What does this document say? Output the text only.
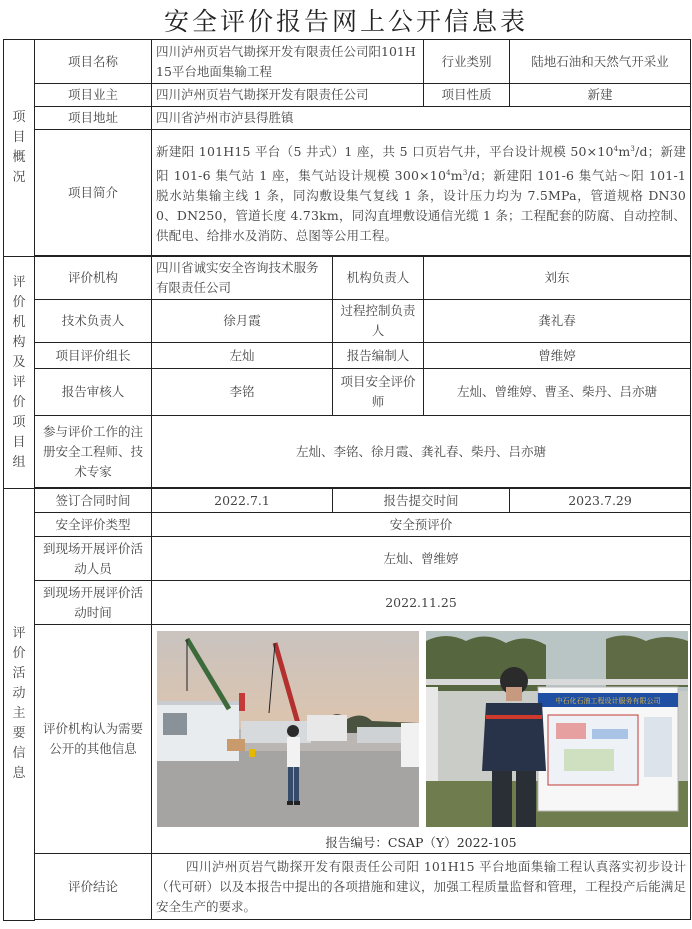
安全评价报告网上公开信息表
项目概况	项目名称	四川泸州页岩气勘探开发有限责任公司阳101H15平台地面集输工程		行业类别	陆地石油和天然气开采业
	项目业主	四川泸州页岩气勘探开发有限责任公司		项目性质	新建
	项目地址	四川省泸州市泸县得胜镇			
	项目简介	新建阳 101H15 平台（5 井式）1 座，共 5 口页岩气井，平台设计规模 $50\times 10^4m^3/d$；新建阳 101-6 集气站 1 座，集气站设计规模 $300\times 10^4m^3/d$；新建阳 101-6 集气站～阳 101-1 脱水站集输主线 1 条，同沟敷设集气复线 1 条，设计压力均为 7.5MPa，管道规格 DN300、DN250，管道长度 4.73km，同沟直埋敷设通信光缆 1 条；工程配套的防腐、自动控制、供配电、给排水及消防、总图等公用工程。			

评价机构及评价项目组	评价机构	四川省诚实安全咨询技术服务有限责任公司	机构负责人	刘东	
	技术负责人	徐月霞	过程控制负责人	龚礼春	
	项目评价组长	左灿	报告编制人	曾维婷	
	报告审核人	李铭	项目安全评价师	左灿、曾维婷、曹圣、柴丹、吕亦瑭	
	参与评价工作的注册安全工程师、技术专家	左灿、李铭、徐月霞、龚礼春、柴丹、吕亦瑭			

评价活动主要信息	签订合同时间	2022.7.1	报告提交时间		2023.7.29
	安全评价类型	安全预评价			
	到现场开展评价活动人员	左灿、曾维婷			
	到现场开展评价活动时间	2022.11.25			
	评价机构认为需要公开的其他信息	中石化石油工程设计服务有限公司
报告编号：CSAP（Y）2022-105			

	评价结论	四川泸州页岩气勘探开发有限责任公司阳 101H15 平台地面集输工程认真落实初步设计（代可研）以及本报告中提出的各项措施和建议，加强工程质量监督和管理，工程投产后能满足安全生产的要求。			
